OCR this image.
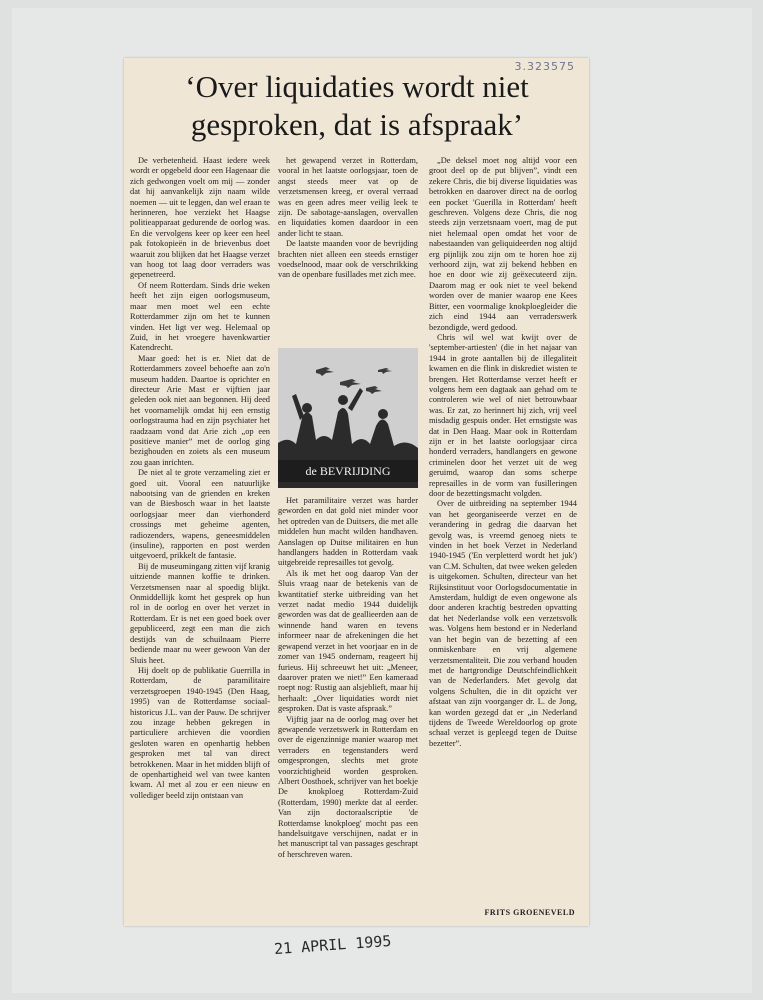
3.323575
‘Over liquidaties wordt niet gesproken, dat is afspraak’

De verbetenheid. Haast iedere week wordt er opgebeld door een Hagenaar die zich gedwongen voelt om mij — zonder dat hij aanvankelijk zijn naam wilde noemen — uit te leggen, dan wel eraan te herinneren, hoe verziekt het Haagse politieapparaat gedurende de oorlog was. En die vervolgens keer op keer een heel pak fotokopieën in de brievenbus doet waaruit zou blijken dat het Haagse verzet van hoog tot laag door verraders was gepenetreerd.

Of neem Rotterdam. Sinds drie weken heeft het zijn eigen oorlogsmuseum, maar men moet wel een echte Rotterdammer zijn om het te kunnen vinden. Het ligt ver weg. Helemaal op Zuid, in het vroegere havenkwartier Katendrecht.

Maar goed: het is er. Niet dat de Rotterdammers zoveel behoefte aan zo'n museum hadden. Daartoe is oprichter en directeur Arie Mast er vijftien jaar geleden ook niet aan begonnen. Hij deed het voornamelijk omdat hij een ernstig oorlogstrauma had en zijn psychiater het raadzaam vond dat Arie zich „op een positieve manier” met de oorlog ging bezighouden en zoiets als een museum zou gaan inrichten.

De niet al te grote verzameling ziet er goed uit. Vooral een natuurlijke nabootsing van de grienden en kreken van de Biesbosch waar in het laatste oorlogsjaar meer dan vierhonderd crossings met geheime agenten, radiozenders, wapens, geneesmiddelen (insuline), rapporten en post werden uitgevoerd, prikkelt de fantasie.

Bij de museumingang zitten vijf kranig uitziende mannen koffie te drinken. Verzetsmensen naar al spoedig blijkt. Onmiddellijk komt het gesprek op hun rol in de oorlog en over het verzet in Rotterdam. Er is net een goed boek over gepubliceerd, zegt een man die zich destijds van de schuilnaam Pierre bediende maar nu weer gewoon Van der Sluis heet.

Hij doelt op de publikatie Guerrilla in Rotterdam, de paramilitaire verzetsgroepen 1940-1945 (Den Haag, 1995) van de Rotterdamse sociaal-historicus J.L. van der Pauw. De schrijver zou inzage hebben gekregen in particuliere archieven die voordien gesloten waren en openhartig hebben gesproken met tal van direct betrokkenen. Maar in het midden blijft of de openhartigheid wel van twee kanten kwam. Al met al zou er een nieuw en vollediger beeld zijn ontstaan van

het gewapend verzet in Rotterdam, vooral in het laatste oorlogsjaar, toen de angst steeds meer vat op de verzetsmensen kreeg, er overal verraad was en geen adres meer veilig leek te zijn. De sabotage-aanslagen, overvallen en liquidaties komen daardoor in een ander licht te staan.

De laatste maanden voor de bevrijding brachten niet alleen een steeds ernstiger voedselnood, maar ook de verschrikking van de openbare fusillades met zich mee.

de BEVRIJDING

Het paramilitaire verzet was harder geworden en dat gold niet minder voor het optreden van de Duitsers, die met alle middelen hun macht wilden handhaven. Aanslagen op Duitse militairen en hun handlangers hadden in Rotterdam vaak uitgebreide represailles tot gevolg.

Als ik met het oog daarop Van der Sluis vraag naar de betekenis van de kwantitatief sterke uitbreiding van het verzet nadat medio 1944 duidelijk geworden was dat de geallieerden aan de winnende hand waren en tevens informeer naar de afrekeningen die het gewapend verzet in het voorjaar en in de zomer van 1945 ondernam, reageert hij furieus. Hij schreeuwt het uit: „Meneer, daarover praten we niet!” Een kameraad roept nog: Rustig aan alsjeblieft, maar hij herhaalt: „Over liquidaties wordt niet gesproken. Dat is vaste afspraak.”

Vijftig jaar na de oorlog mag over het gewapende verzetswerk in Rotterdam en over de eigenzinnige manier waarop met verraders en tegenstanders werd omgesprongen, slechts met grote voorzichtigheid worden gesproken. Albert Oosthoek, schrijver van het boekje De knokploeg Rotterdam-Zuid (Rotterdam, 1990) merkte dat al eerder. Van zijn doctoraalscriptie 'de Rotterdamse knokploeg' mocht pas een handelsuitgave verschijnen, nadat er in het manuscript tal van passages geschrapt of herschreven waren.

„De deksel moet nog altijd voor een groot deel op de put blijven”, vindt een zekere Chris, die bij diverse liquidaties was betrokken en daarover direct na de oorlog een pocket 'Guerilla in Rotterdam' heeft geschreven. Volgens deze Chris, die nog steeds zijn verzetsnaam voert, mag de put niet helemaal open omdat het voor de nabestaanden van geliquideerden nog altijd erg pijnlijk zou zijn om te horen hoe zij verhoord zijn, wat zij bekend hebben en hoe en door wie zij geëxecuteerd zijn. Daarom mag er ook niet te veel bekend worden over de manier waarop ene Kees Bitter, een voormalige knokploegleider die zich eind 1944 aan verraderswerk bezondigde, werd gedood.

Chris wil wel wat kwijt over de 'september-artiesten' (die in het najaar van 1944 in grote aantallen bij de illegaliteit kwamen en die flink in diskrediet wisten te brengen. Het Rotterdamse verzet heeft er volgens hem een dagtaak aan gehad om te controleren wie wel of niet betrouwbaar was. Er zat, zo herinnert hij zich, vrij veel misdadig gespuis onder. Het ernstigste was dat in Den Haag. Maar ook in Rotterdam zijn er in het laatste oorlogsjaar circa honderd verraders, handlangers en gewone criminelen door het verzet uit de weg geruimd, waarop dan soms scherpe represailles in de vorm van fusilleringen door de bezettingsmacht volgden.

Over de uitbreiding na september 1944 van het georganiseerde verzet en de verandering in gedrag die daarvan het gevolg was, is vreemd genoeg niets te vinden in het boek Verzet in Nederland 1940-1945 ('En verpletterd wordt het juk') van C.M. Schulten, dat twee weken geleden is uitgekomen. Schulten, directeur van het Rijksinstituut voor Oorlogsdocumentatie in Amsterdam, huldigt de even ongewone als door anderen krachtig bestreden opvatting dat het Nederlandse volk een verzetsvolk was. Volgens hem bestond er in Nederland van het begin van de bezetting af een onmiskenbare en vrij algemene verzetsmentaliteit. Die zou verband houden met de hartgrondige Deutschfeindlichkeit van de Nederlanders. Met gevolg dat volgens Schulten, die in dit opzicht ver afstaat van zijn voorganger dr. L. de Jong, kan worden gezegd dat er „in Nederland tijdens de Tweede Wereldoorlog op grote schaal verzet is gepleegd tegen de Duitse bezetter”.

FRITS GROENEVELD
21 APRIL 1995
